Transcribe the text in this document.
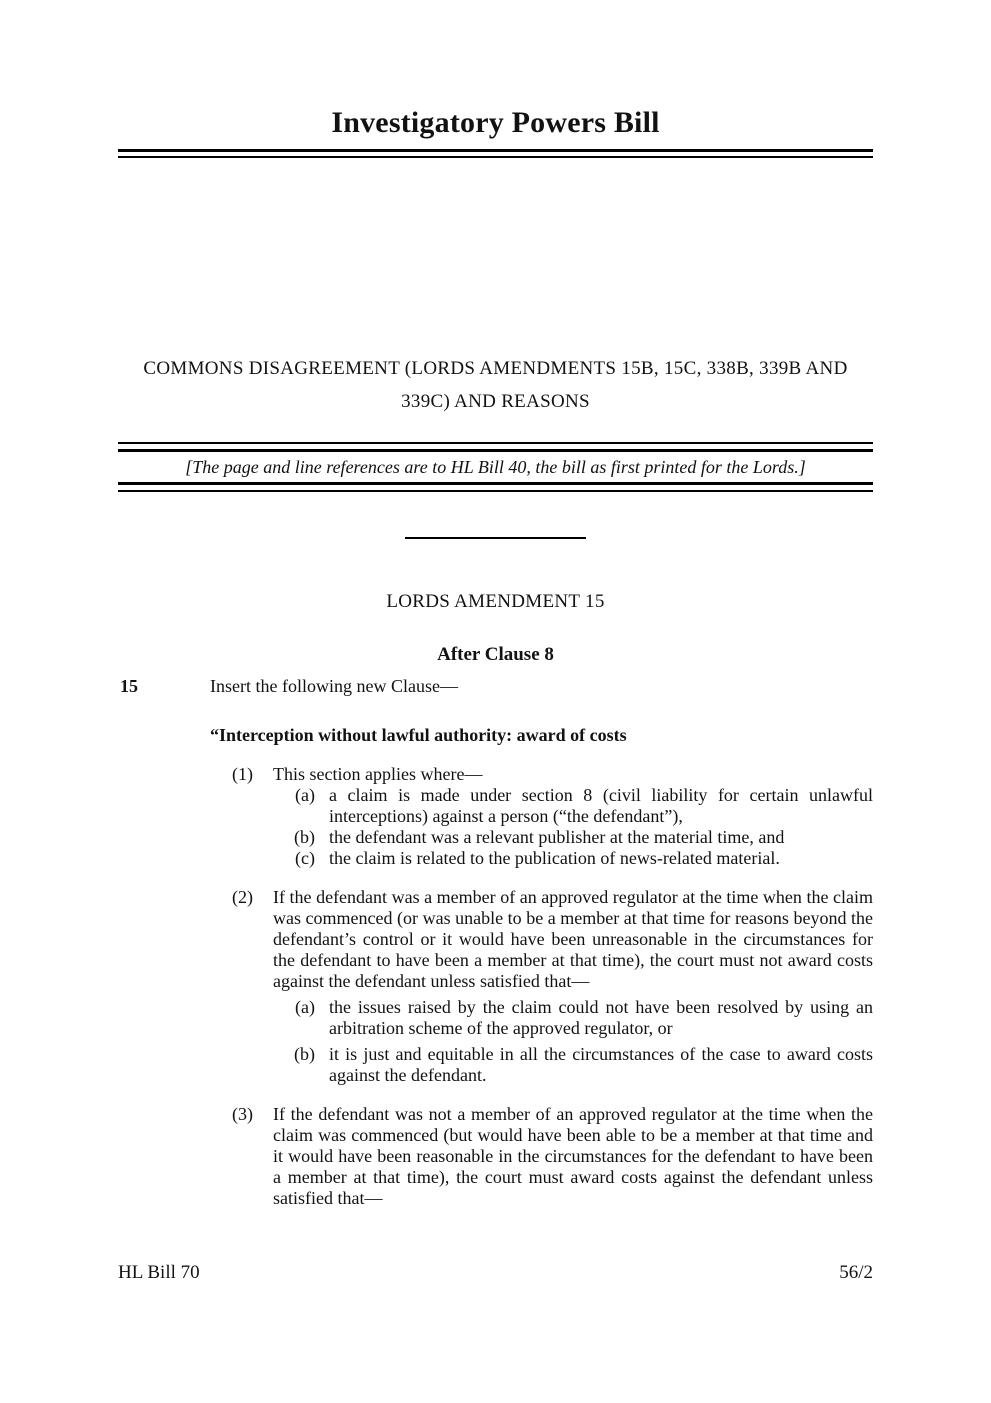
Investigatory Powers Bill
COMMONS DISAGREEMENT (LORDS AMENDMENTS 15B, 15C, 338B, 339B AND
339C) AND REASONS
[The page and line references are to HL Bill 40, the bill as first printed for the Lords.]
LORDS AMENDMENT 15
After Clause 8
15	Insert the following new Clause—
“Interception without lawful authority: award of costs
(1) This section applies where—
(a) a claim is made under section 8 (civil liability for certain unlawful interceptions) against a person (“the defendant”),
(b) the defendant was a relevant publisher at the material time, and
(c) the claim is related to the publication of news-related material.
(2) If the defendant was a member of an approved regulator at the time when the claim was commenced (or was unable to be a member at that time for reasons beyond the defendant’s control or it would have been unreasonable in the circumstances for the defendant to have been a member at that time), the court must not award costs against the defendant unless satisfied that—
(a) the issues raised by the claim could not have been resolved by using an arbitration scheme of the approved regulator, or
(b) it is just and equitable in all the circumstances of the case to award costs against the defendant.
(3) If the defendant was not a member of an approved regulator at the time when the claim was commenced (but would have been able to be a member at that time and it would have been reasonable in the circumstances for the defendant to have been a member at that time), the court must award costs against the defendant unless satisfied that—
HL Bill 70	56/2
